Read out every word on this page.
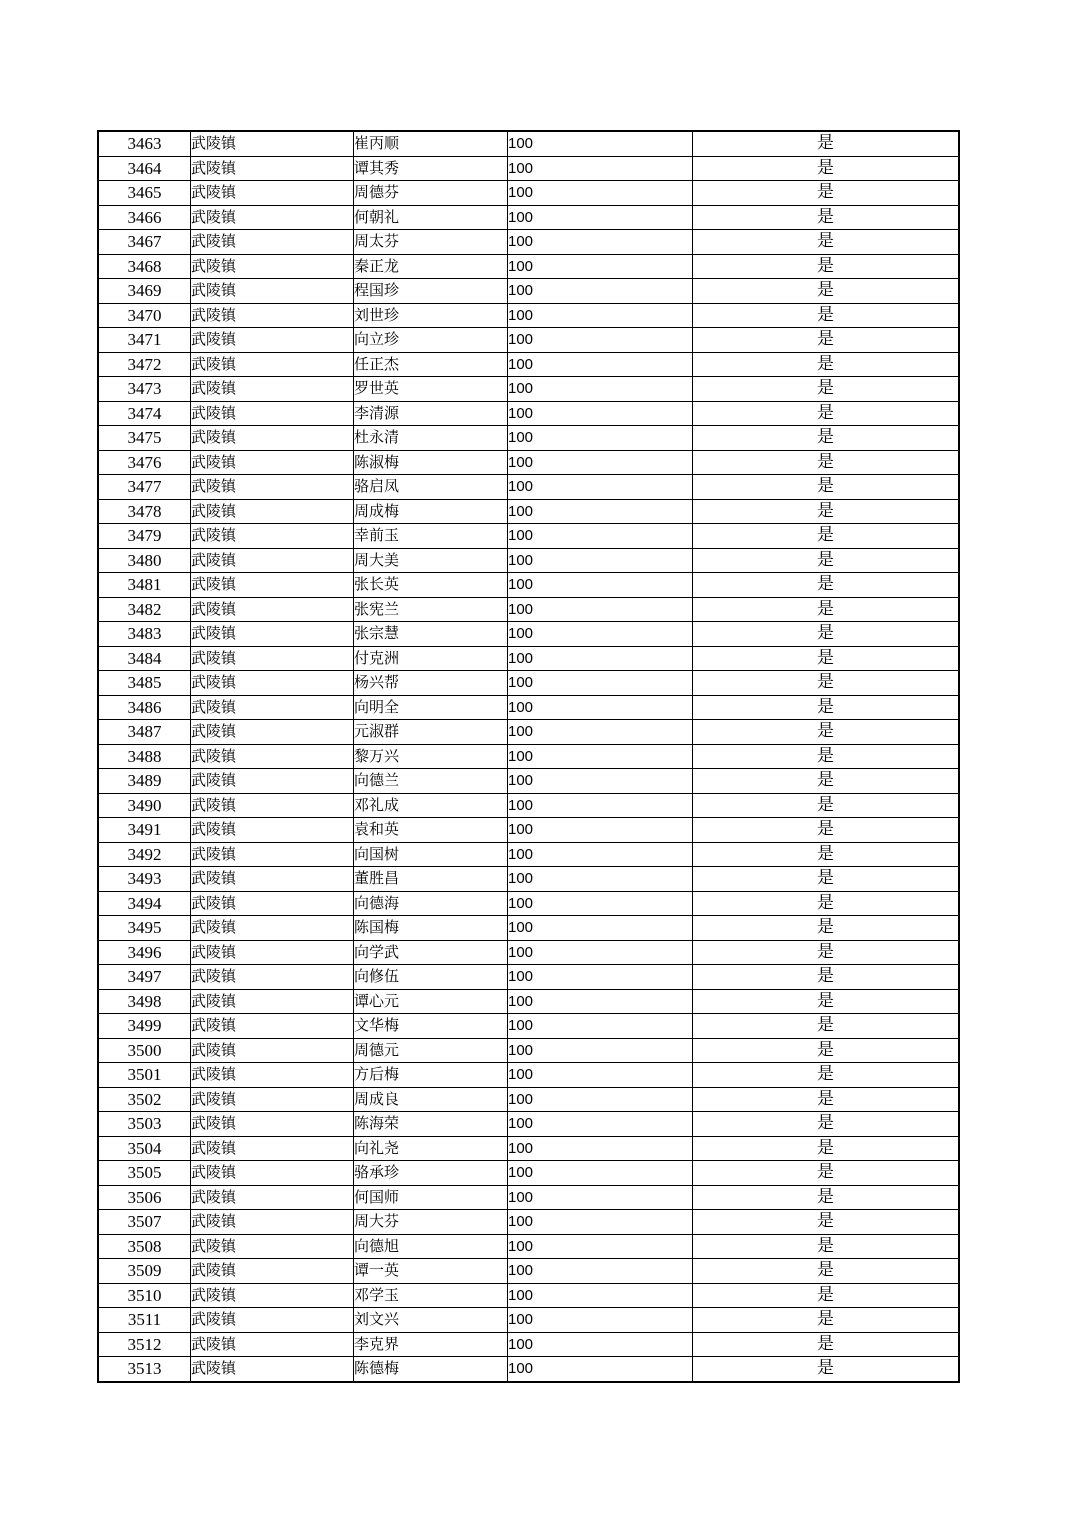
3463	武陵镇	崔丙顺	100	是
3464	武陵镇	谭其秀	100	是
3465	武陵镇	周德芬	100	是
3466	武陵镇	何朝礼	100	是
3467	武陵镇	周太芬	100	是
3468	武陵镇	秦正龙	100	是
3469	武陵镇	程国珍	100	是
3470	武陵镇	刘世珍	100	是
3471	武陵镇	向立珍	100	是
3472	武陵镇	任正杰	100	是
3473	武陵镇	罗世英	100	是
3474	武陵镇	李清源	100	是
3475	武陵镇	杜永清	100	是
3476	武陵镇	陈淑梅	100	是
3477	武陵镇	骆启凤	100	是
3478	武陵镇	周成梅	100	是
3479	武陵镇	幸前玉	100	是
3480	武陵镇	周大美	100	是
3481	武陵镇	张长英	100	是
3482	武陵镇	张宪兰	100	是
3483	武陵镇	张宗慧	100	是
3484	武陵镇	付克洲	100	是
3485	武陵镇	杨兴帮	100	是
3486	武陵镇	向明全	100	是
3487	武陵镇	元淑群	100	是
3488	武陵镇	黎万兴	100	是
3489	武陵镇	向德兰	100	是
3490	武陵镇	邓礼成	100	是
3491	武陵镇	袁和英	100	是
3492	武陵镇	向国树	100	是
3493	武陵镇	董胜昌	100	是
3494	武陵镇	向德海	100	是
3495	武陵镇	陈国梅	100	是
3496	武陵镇	向学武	100	是
3497	武陵镇	向修伍	100	是
3498	武陵镇	谭心元	100	是
3499	武陵镇	文华梅	100	是
3500	武陵镇	周德元	100	是
3501	武陵镇	方后梅	100	是
3502	武陵镇	周成良	100	是
3503	武陵镇	陈海荣	100	是
3504	武陵镇	向礼尧	100	是
3505	武陵镇	骆承珍	100	是
3506	武陵镇	何国师	100	是
3507	武陵镇	周大芬	100	是
3508	武陵镇	向德旭	100	是
3509	武陵镇	谭一英	100	是
3510	武陵镇	邓学玉	100	是
3511	武陵镇	刘文兴	100	是
3512	武陵镇	李克界	100	是
3513	武陵镇	陈德梅	100	是
